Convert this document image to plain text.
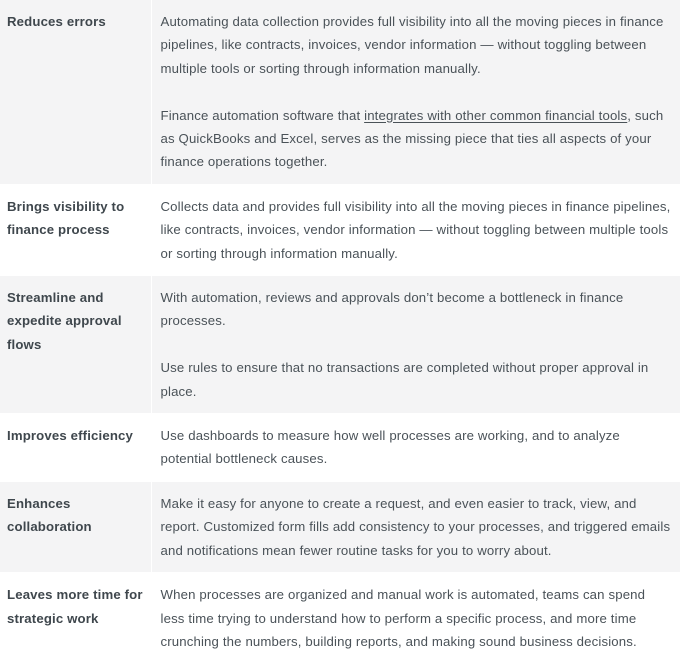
Reduces errors	Automating data collection provides full visibility into all the moving pieces in finance pipelines, like contracts, invoices, vendor information — without toggling between multiple tools or sorting through information manually.

Finance automation software that integrates with other common financial tools, such as QuickBooks and Excel, serves as the missing piece that ties all aspects of your finance operations together.

Brings visibility to finance process	Collects data and provides full visibility into all the moving pieces in finance pipelines, like contracts, invoices, vendor information — without toggling between multiple tools or sorting through information manually.

Streamline and expedite approval flows	With automation, reviews and approvals don’t become a bottleneck in finance processes.

Use rules to ensure that no transactions are completed without proper approval in place.

Improves efficiency	Use dashboards to measure how well processes are working, and to analyze potential bottleneck causes.

Enhances collaboration	Make it easy for anyone to create a request, and even easier to track, view, and report. Customized form fills add consistency to your processes, and triggered emails and notifications mean fewer routine tasks for you to worry about.

Leaves more time for strategic work	When processes are organized and manual work is automated, teams can spend less time trying to understand how to perform a specific process, and more time crunching the numbers, building reports, and making sound business decisions.
